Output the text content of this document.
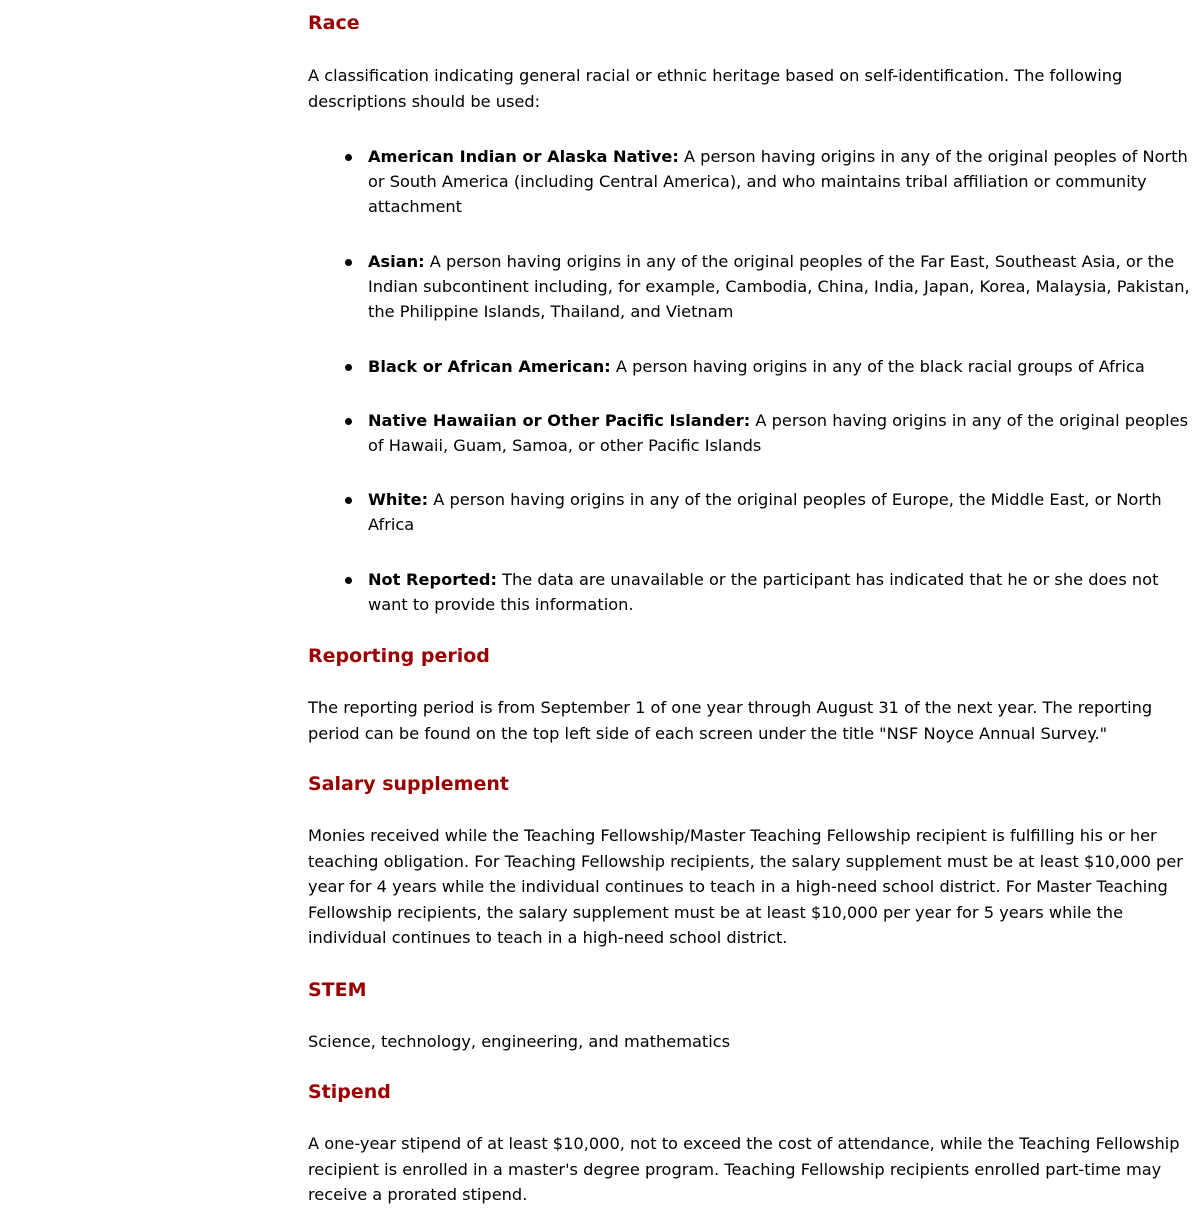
Race

A classification indicating general racial or ethnic heritage based on self-identification. The following descriptions should be used:

American Indian or Alaska Native: A person having origins in any of the original peoples of North or South America (including Central America), and who maintains tribal affiliation or community attachment
Asian: A person having origins in any of the original peoples of the Far East, Southeast Asia, or the Indian subcontinent including, for example, Cambodia, China, India, Japan, Korea, Malaysia, Pakistan, the Philippine Islands, Thailand, and Vietnam
Black or African American: A person having origins in any of the black racial groups of Africa
Native Hawaiian or Other Pacific Islander: A person having origins in any of the original peoples of Hawaii, Guam, Samoa, or other Pacific Islands
White: A person having origins in any of the original peoples of Europe, the Middle East, or North Africa
Not Reported: The data are unavailable or the participant has indicated that he or she does not want to provide this information.
Reporting period

The reporting period is from September 1 of one year through August 31 of the next year. The reporting period can be found on the top left side of each screen under the title "NSF Noyce Annual Survey."

Salary supplement

Monies received while the Teaching Fellowship/Master Teaching Fellowship recipient is fulfilling his or her teaching obligation. For Teaching Fellowship recipients, the salary supplement must be at least $10,000 per year for 4 years while the individual continues to teach in a high-need school district. For Master Teaching Fellowship recipients, the salary supplement must be at least $10,000 per year for 5 years while the individual continues to teach in a high-need school district.

STEM

Science, technology, engineering, and mathematics

Stipend

A one-year stipend of at least $10,000, not to exceed the cost of attendance, while the Teaching Fellowship recipient is enrolled in a master's degree program. Teaching Fellowship recipients enrolled part-time may receive a prorated stipend.
